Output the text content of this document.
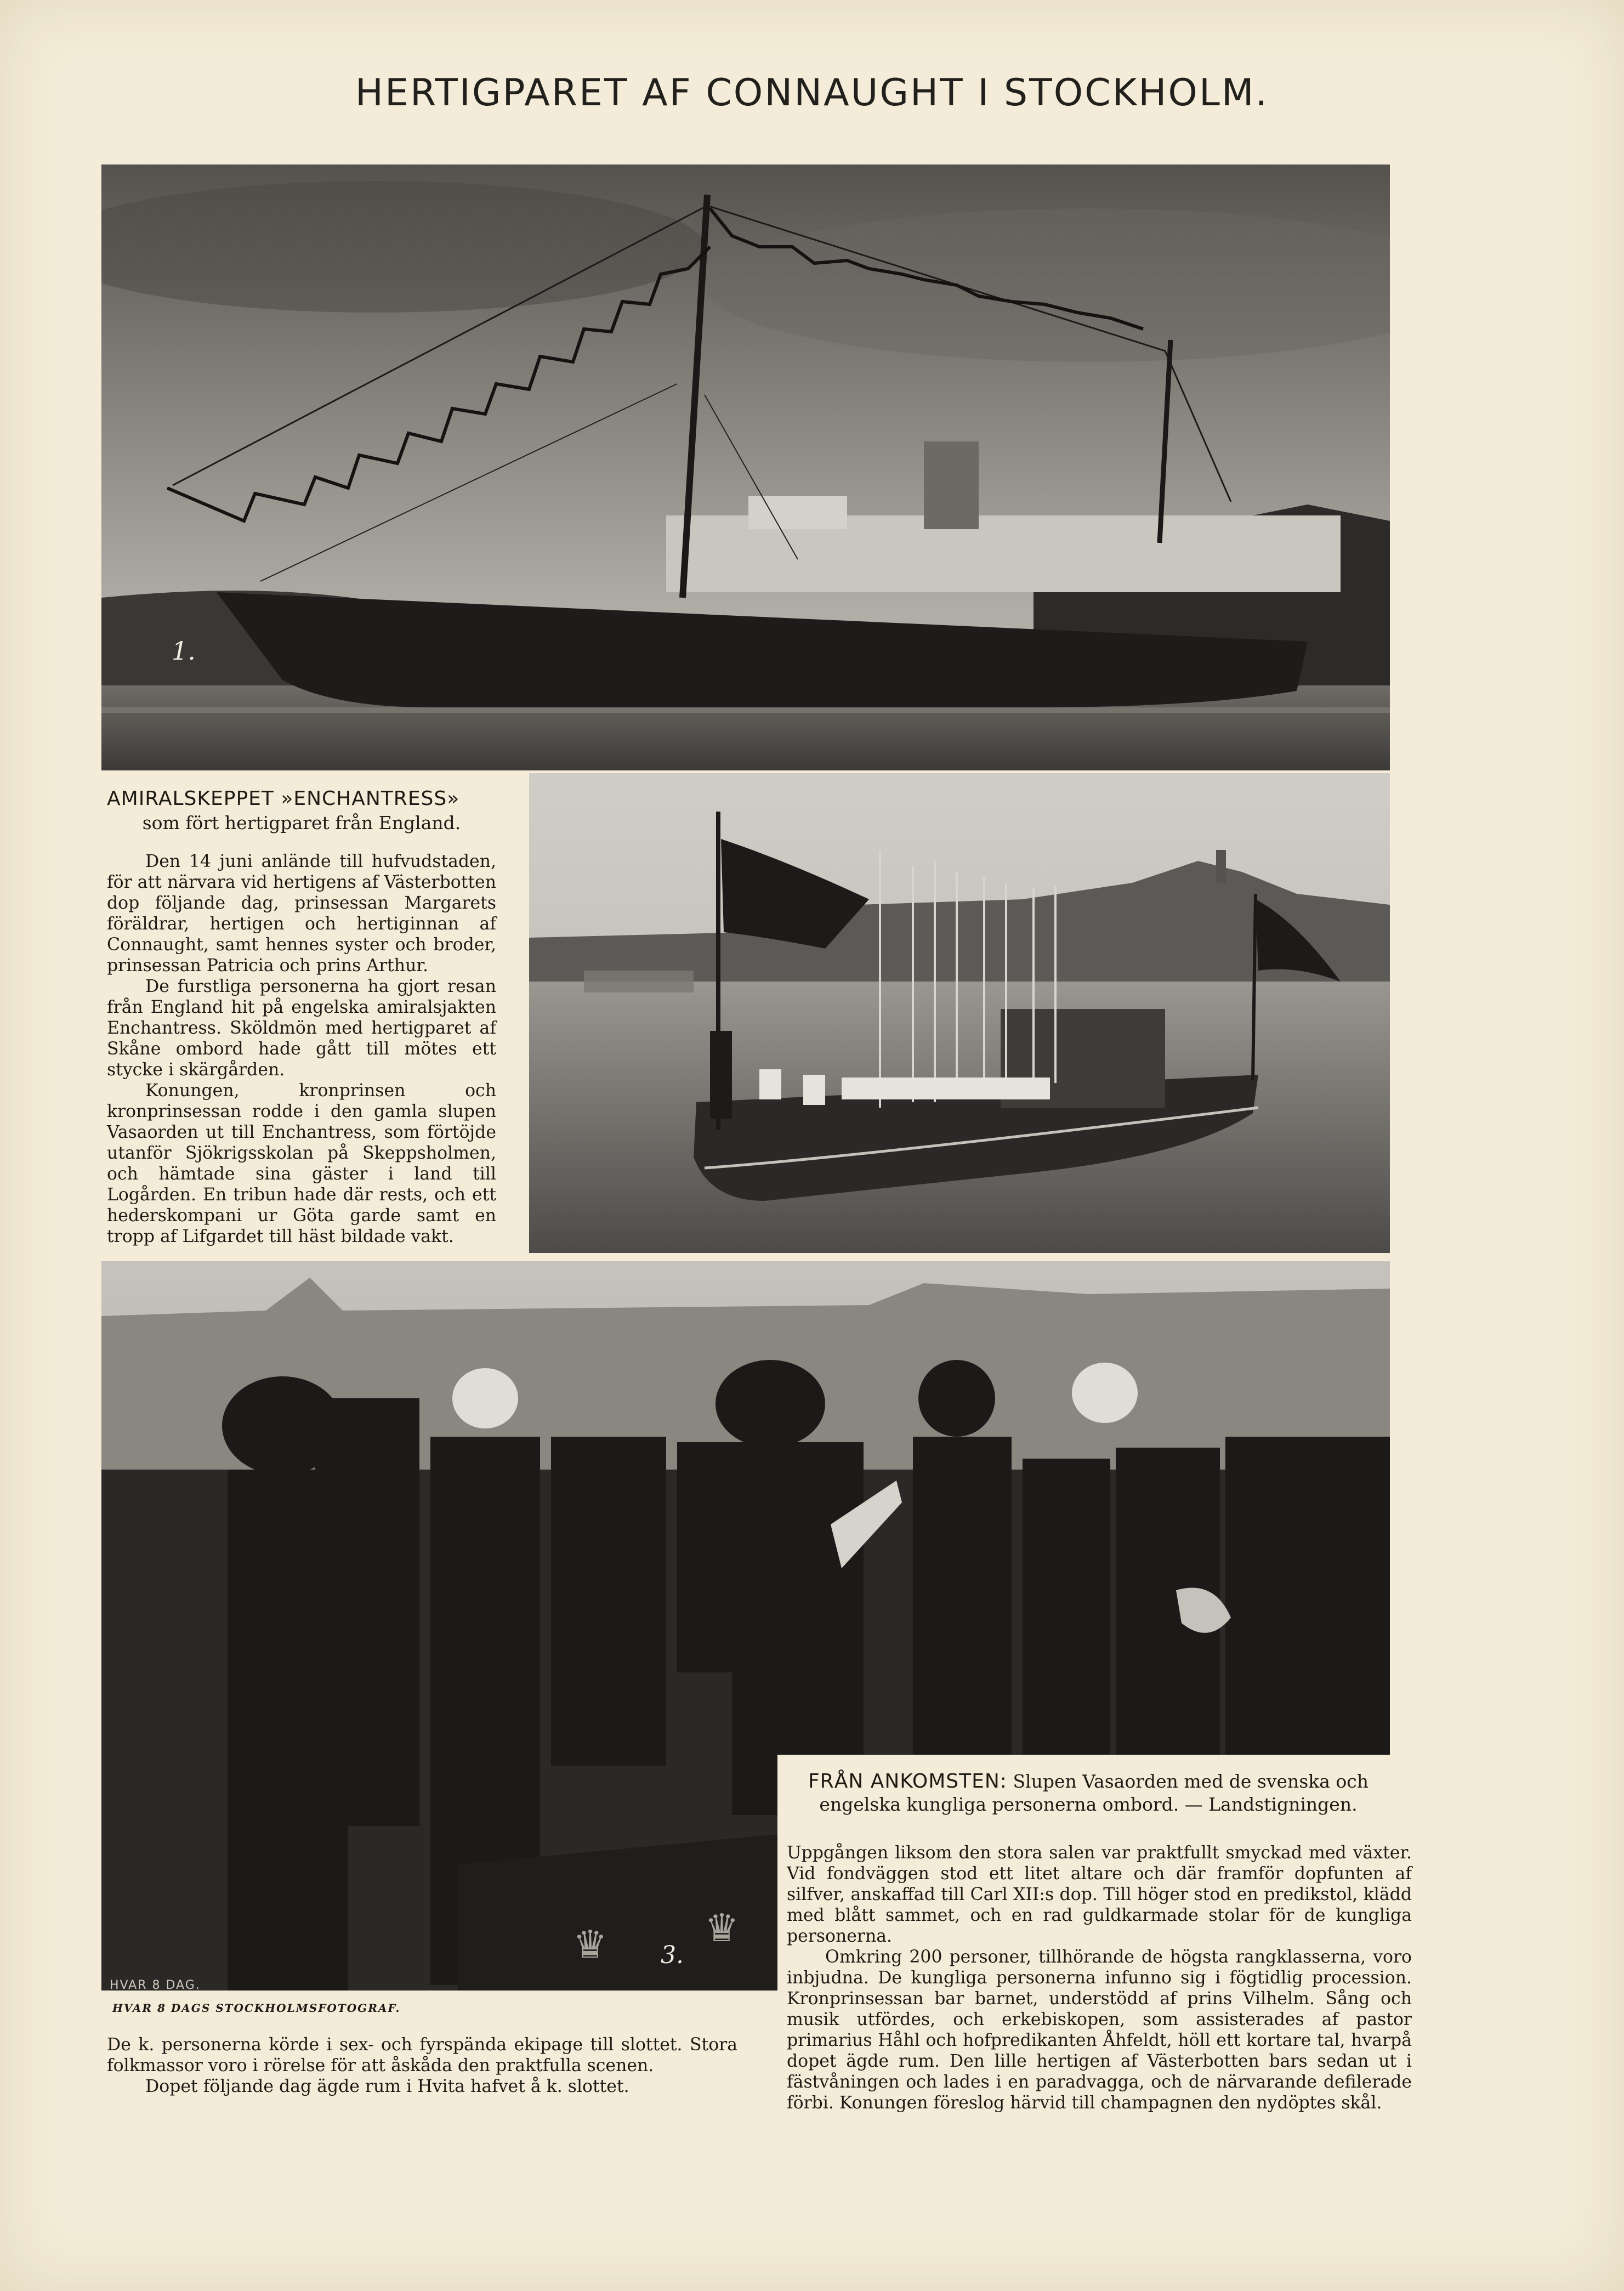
HERTIGPARET AF CONNAUGHT I STOCKHOLM.
1.
AMIRALSKEPPET »ENCHANTRESS»
som fört hertigparet från England.

Den 14 juni anlände till hufvudstaden, för att närvara vid hertigens af Västerbotten dop följande dag, prinsessan Margarets föräldrar, hertigen och hertiginnan af Connaught, samt hennes syster och broder, prinsessan Patricia och prins Arthur.

De furstliga personerna ha gjort resan från England hit på engelska amiralsjakten Enchantress. Sköldmön med hertigparet af Skåne ombord hade gått till mötes ett stycke i skärgården.

Konungen, kronprinsen och kronprinsessan rodde i den gamla slupen Vasaorden ut till Enchantress, som förtöjde utanför Sjökrigsskolan på Skeppsholmen, och hämtade sina gäster i land till Logården. En tribun hade där rests, och ett hederskompani ur Göta garde samt en tropp af Lifgardet till häst bildade vakt.

♛	♛
3.
HVAR 8 DAG.
FRÅN ANKOMSTEN: Slupen Vasaorden med de svenska och engelska kungliga personerna ombord. — Landstigningen.

Uppgången liksom den stora salen var praktfullt smyckad med växter. Vid fondväggen stod ett litet altare och där framför dopfunten af silfver, anskaffad till Carl XII:s dop. Till höger stod en predikstol, klädd med blått sammet, och en rad guldkarmade stolar för de kungliga personerna.

Omkring 200 personer, tillhörande de högsta rangklasserna, voro inbjudna. De kungliga personerna infunno sig i fögtidlig procession. Kronprinsessan bar barnet, understödd af prins Vilhelm. Sång och musik utfördes, och erkebiskopen, som assisterades af pastor primarius Håhl och hofpredikanten Åhfeldt, höll ett kortare tal, hvarpå dopet ägde rum. Den lille hertigen af Västerbotten bars sedan ut i fästvåningen och lades i en paradvagga, och de närvarande defilerade förbi. Konungen föreslog härvid till champagnen den nydöptes skål.

HVAR 8 DAGS STOCKHOLMSFOTOGRAF.

De k. personerna körde i sex- och fyrspända ekipage till slottet. Stora folkmassor voro i rörelse för att åskåda den praktfulla scenen.

Dopet följande dag ägde rum i Hvita hafvet å k. slottet.
